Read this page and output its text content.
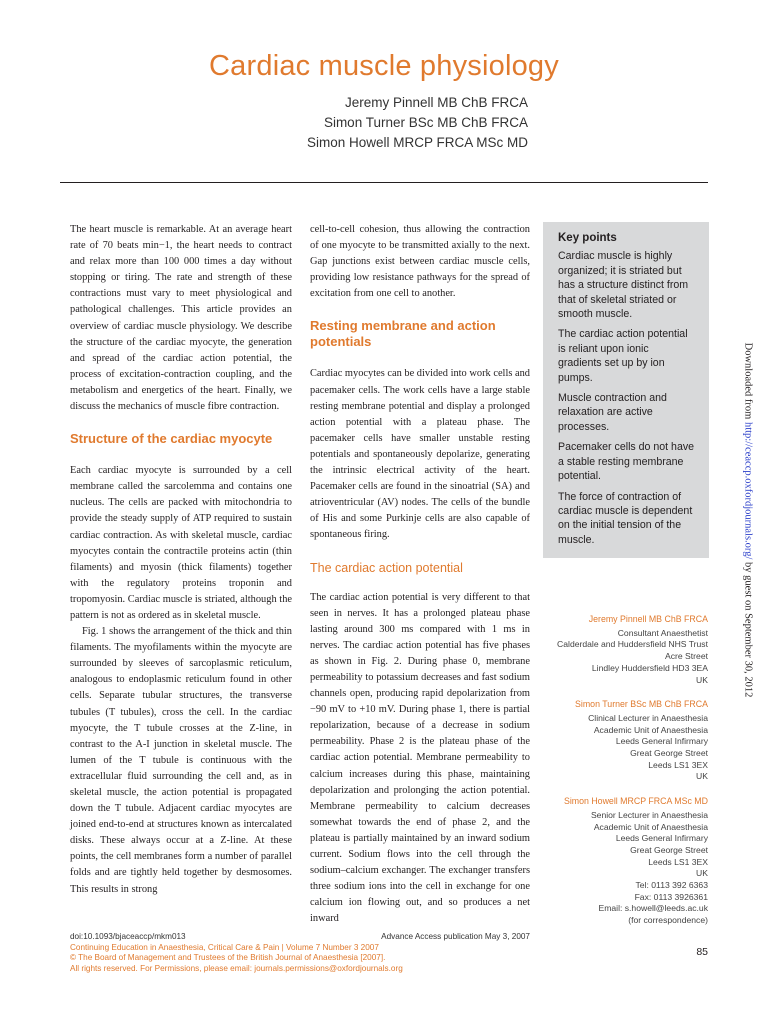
Cardiac muscle physiology
Jeremy Pinnell MB ChB FRCA
Simon Turner BSc MB ChB FRCA
Simon Howell MRCP FRCA MSc MD

The heart muscle is remarkable. At an average heart rate of 70 beats min−1, the heart needs to contract and relax more than 100 000 times a day without stopping or tiring. The rate and strength of these contractions must vary to meet physiological and pathological challenges. This article provides an overview of cardiac muscle physiology. We describe the structure of the cardiac myocyte, the generation and spread of the cardiac action potential, the process of excitation-contraction coupling, and the metabolism and energetics of the heart. Finally, we discuss the mechanics of muscle fibre contraction.

Structure of the cardiac myocyte

Each cardiac myocyte is surrounded by a cell membrane called the sarcolemma and contains one nucleus. The cells are packed with mitochondria to provide the steady supply of ATP required to sustain cardiac contraction. As with skeletal muscle, cardiac myocytes contain the contractile proteins actin (thin filaments) and myosin (thick filaments) together with the regulatory proteins troponin and tropomyosin. Cardiac muscle is striated, although the pattern is not as ordered as in skeletal muscle.

Fig. 1 shows the arrangement of the thick and thin filaments. The myofilaments within the myocyte are surrounded by sleeves of sarcoplasmic reticulum, analogous to endoplasmic reticulum found in other cells. Separate tubular structures, the transverse tubules (T tubules), cross the cell. In the cardiac myocyte, the T tubule crosses at the Z-line, in contrast to the A-I junction in skeletal muscle. The lumen of the T tubule is continuous with the extracellular fluid surrounding the cell and, as in skeletal muscle, the action potential is propagated down the T tubule. Adjacent cardiac myocytes are joined end-to-end at structures known as intercalated disks. These always occur at a Z-line. At these points, the cell membranes form a number of parallel folds and are tightly held together by desmosomes. This results in strong

cell-to-cell cohesion, thus allowing the contraction of one myocyte to be transmitted axially to the next. Gap junctions exist between cardiac muscle cells, providing low resistance pathways for the spread of excitation from one cell to another.

Resting membrane and action potentials

Cardiac myocytes can be divided into work cells and pacemaker cells. The work cells have a large stable resting membrane potential and display a prolonged action potential with a plateau phase. The pacemaker cells have smaller unstable resting potentials and spontaneously depolarize, generating the intrinsic electrical activity of the heart. Pacemaker cells are found in the sinoatrial (SA) and atrioventricular (AV) nodes. The cells of the bundle of His and some Purkinje cells are also capable of spontaneous firing.

The cardiac action potential

The cardiac action potential is very different to that seen in nerves. It has a prolonged plateau phase lasting around 300 ms compared with 1 ms in nerves. The cardiac action potential has five phases as shown in Fig. 2. During phase 0, membrane permeability to potassium decreases and fast sodium channels open, producing rapid depolarization from −90 mV to +10 mV. During phase 1, there is partial repolarization, because of a decrease in sodium permeability. Phase 2 is the plateau phase of the cardiac action potential. Membrane permeability to calcium increases during this phase, maintaining depolarization and prolonging the action potential. Membrane permeability to calcium decreases somewhat towards the end of phase 2, and the plateau is partially maintained by an inward sodium current. Sodium flows into the cell through the sodium–calcium exchanger. The exchanger transfers three sodium ions into the cell in exchange for one calcium ion flowing out, and so produces a net inward

Key points
Cardiac muscle is highly organized; it is striated but has a structure distinct from that of skeletal striated or smooth muscle.
The cardiac action potential is reliant upon ionic gradients set up by ion pumps.
Muscle contraction and relaxation are active processes.
Pacemaker cells do not have a stable resting membrane potential.
The force of contraction of cardiac muscle is dependent on the initial tension of the muscle.
Jeremy Pinnell MB ChB FRCA
Consultant Anaesthetist
Calderdale and Huddersfield NHS Trust
Acre Street
Lindley Huddersfield HD3 3EA
UK
Simon Turner BSc MB ChB FRCA
Clinical Lecturer in Anaesthesia
Academic Unit of Anaesthesia
Leeds General Infirmary
Great George Street
Leeds LS1 3EX
UK
Simon Howell MRCP FRCA MSc MD
Senior Lecturer in Anaesthesia
Academic Unit of Anaesthesia
Leeds General Infirmary
Great George Street
Leeds LS1 3EX
UK
Tel: 0113 392 6363
Fax: 0113 3926361
Email: s.howell@leeds.ac.uk
(for correspondence)
Downloaded from http://ceaccp.oxfordjournals.org/ by guest on September 30, 2012
doi:10.1093/bjaceaccp/mkm013	Advance Access publication May 3, 2007
Continuing Education in Anaesthesia, Critical Care & Pain | Volume 7 Number 3 2007
© The Board of Management and Trustees of the British Journal of Anaesthesia [2007].
All rights reserved. For Permissions, please email: journals.permissions@oxfordjournals.org
85
